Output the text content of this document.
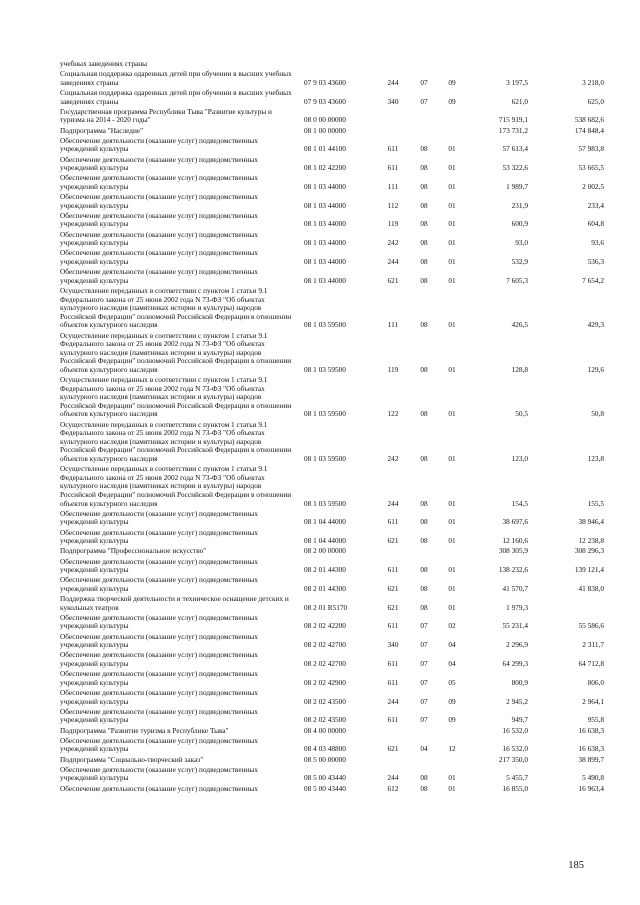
учебных заведениях страны						
Социальная поддержка одаренных детей при обучении в высших учебных заведениях страны	07 9 03 43600	244	07	09	3 197,5	3 218,0
Социальная поддержка одаренных детей при обучении в высших учебных заведениях страны	07 9 03 43600	340	07	09	621,0	625,0
Государственная программа Республики Тыва "Развитие культуры и туризма на 2014 - 2020 годы"	08 0 00 00000				715 919,1	538 682,6
Подпрограмма "Наследие"	08 1 00 00000				173 731,2	174 848,4
Обеспечение деятельности (оказание услуг) подведомственных учреждений культуры	08 1 01 44100	611	08	01	57 613,4	57 983,8
Обеспечение деятельности (оказание услуг) подведомственных учреждений культуры	08 1 02 42200	611	08	01	53 322,6	53 665,5
Обеспечение деятельности (оказание услуг) подведомственных учреждений культуры	08 1 03 44000	111	08	01	1 989,7	2 002,5
Обеспечение деятельности (оказание услуг) подведомственных учреждений культуры	08 1 03 44000	112	08	01	231,9	233,4
Обеспечение деятельности (оказание услуг) подведомственных учреждений культуры	08 1 03 44000	119	08	01	600,9	604,8
Обеспечение деятельности (оказание услуг) подведомственных учреждений культуры	08 1 03 44000	242	08	01	93,0	93,6
Обеспечение деятельности (оказание услуг) подведомственных учреждений культуры	08 1 03 44000	244	08	01	532,9	536,3
Обеспечение деятельности (оказание услуг) подведомственных учреждений культуры	08 1 03 44000	621	08	01	7 605,3	7 654,2
Осуществление переданных в соответствии с пунктом 1 статьи 9.1 Федерального закона от 25 июня 2002 года N 73-ФЗ "Об объектах культурного наследия (памятниках истории и культуры) народов Российской Федерации" полномочий Российской Федерации в отношении объектов культурного наследия	08 1 03 59500	111	08	01	426,5	429,3
Осуществление переданных в соответствии с пунктом 1 статьи 9.1 Федерального закона от 25 июня 2002 года N 73-ФЗ "Об объектах культурного наследия (памятниках истории и культуры) народов Российской Федерации" полномочий Российской Федерации в отношении объектов культурного наследия	08 1 03 59500	119	08	01	128,8	129,6
Осуществление переданных в соответствии с пунктом 1 статьи 9.1 Федерального закона от 25 июня 2002 года N 73-ФЗ "Об объектах культурного наследия (памятниках истории и культуры) народов Российской Федерации" полномочий Российской Федерации в отношении объектов культурного наследия	08 1 03 59500	122	08	01	50,5	50,8
Осуществление переданных в соответствии с пунктом 1 статьи 9.1 Федерального закона от 25 июня 2002 года N 73-ФЗ "Об объектах культурного наследия (памятниках истории и культуры) народов Российской Федерации" полномочий Российской Федерации в отношении объектов культурного наследия	08 1 03 59500	242	08	01	123,0	123,8
Осуществление переданных в соответствии с пунктом 1 статьи 9.1 Федерального закона от 25 июня 2002 года N 73-ФЗ "Об объектах культурного наследия (памятниках истории и культуры) народов Российской Федерации" полномочий Российской Федерации в отношении объектов культурного наследия	08 1 03 59500	244	08	01	154,5	155,5
Обеспечение деятельности (оказание услуг) подведомственных учреждений культуры	08 1 04 44000	611	08	01	38 697,6	38 946,4
Обеспечение деятельности (оказание услуг) подведомственных учреждений культуры	08 1 04 44000	621	08	01	12 160,6	12 238,8
Подпрограмма "Профессиональное искусство"	08 2 00 00000				308 305,9	308 296,3
Обеспечение деятельности (оказание услуг) подведомственных учреждений культуры	08 2 01 44300	611	08	01	138 232,6	139 121,4
Обеспечение деятельности (оказание услуг) подведомственных учреждений культуры	08 2 01 44300	621	08	01	41 570,7	41 838,0
Поддержка творческой деятельности и техническое оснащение детских и кукольных театров	08 2 01 R5170	621	08	01	1 979,3	
Обеспечение деятельности (оказание услуг) подведомственных учреждений культуры	08 2 02 42200	611	07	02	55 231,4	55 586,6
Обеспечение деятельности (оказание услуг) подведомственных учреждений культуры	08 2 02 42700	340	07	04	2 296,9	2 311,7
Обеспечение деятельности (оказание услуг) подведомственных учреждений культуры	08 2 02 42700	611	07	04	64 299,3	64 712,8
Обеспечение деятельности (оказание услуг) подведомственных учреждений культуры	08 2 02 42900	611	07	05	800,9	806,0
Обеспечение деятельности (оказание услуг) подведомственных учреждений культуры	08 2 02 43500	244	07	09	2 945,2	2 964,1
Обеспечение деятельности (оказание услуг) подведомственных учреждений культуры	08 2 02 43500	611	07	09	949,7	955,8
Подпрограмма "Развитие туризма в Республике Тыва"	08 4 00 00000				16 532,0	16 638,3
Обеспечение деятельности (оказание услуг) подведомственных учреждений культуры	08 4 03 48800	621	04	12	16 532,0	16 638,3
Подпрограмма "Социально-творческий заказ"	08 5 00 00000				217 350,0	38 899,7
Обеспечение деятельности (оказание услуг) подведомственных учреждений культуры	08 5 00 43440	244	08	01	5 455,7	5 490,8
Обеспечение деятельности (оказание услуг) подведомственных	08 5 00 43440	612	08	01	16 855,0	16 963,4
185
